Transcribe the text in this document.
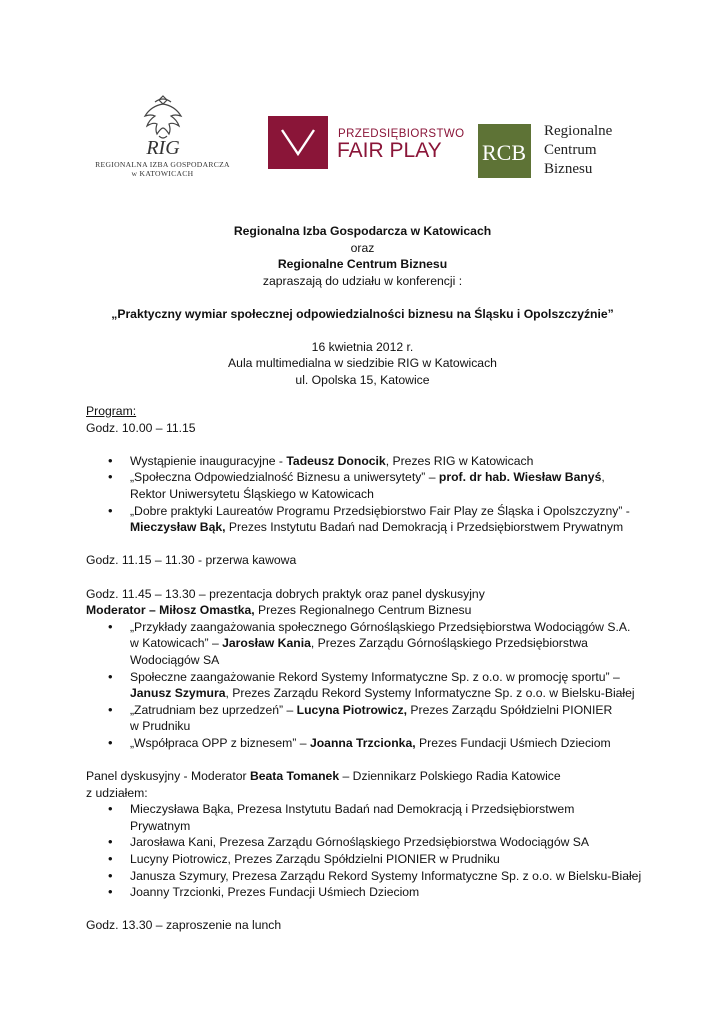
RIG
REGIONALNA IZBA GOSPODARCZA
w KATOWICACH
PRZEDSIĘBIORSTWO
FAIR PLAY RCB
Regionalne
Centrum
Biznesu
Regionalna Izba Gospodarcza w Katowicach
oraz
Regionalne Centrum Biznesu
zapraszają do udziału w konferencji :
„Praktyczny wymiar społecznej odpowiedzialności biznesu na Śląsku i Opolszczyźnie”
16 kwietnia 2012 r.
Aula multimedialna w siedzibie RIG w Katowicach
ul. Opolska 15, Katowice
Program:
Godz. 10.00 – 11.15
• Wystąpienie inauguracyjne - Tadeusz Donocik, Prezes RIG w Katowicach
• „Społeczna Odpowiedzialność Biznesu a uniwersytety” – prof. dr hab. Wiesław Banyś,
Rektor Uniwersytetu Śląskiego w Katowicach
• „Dobre praktyki Laureatów Programu Przedsiębiorstwo Fair Play ze Śląska i Opolszczyzny” -
Mieczysław Bąk, Prezes Instytutu Badań nad Demokracją i Przedsiębiorstwem Prywatnym
Godz. 11.15 – 11.30 - przerwa kawowa
Godz. 11.45 – 13.30 – prezentacja dobrych praktyk oraz panel dyskusyjny
Moderator – Miłosz Omastka, Prezes Regionalnego Centrum Biznesu
• „Przykłady zaangażowania społecznego Górnośląskiego Przedsiębiorstwa Wodociągów S.A.
w Katowicach” – Jarosław Kania, Prezes Zarządu Górnośląskiego Przedsiębiorstwa
Wodociągów SA
• Społeczne zaangażowanie Rekord Systemy Informatyczne Sp. z o.o. w promocję sportu” –
Janusz Szymura, Prezes Zarządu Rekord Systemy Informatyczne Sp. z o.o. w Bielsku-Białej
• „Zatrudniam bez uprzedzeń” – Lucyna Piotrowicz, Prezes Zarządu Spółdzielni PIONIER
w Prudniku
• „Współpraca OPP z biznesem” – Joanna Trzcionka, Prezes Fundacji Uśmiech Dzieciom
Panel dyskusyjny - Moderator Beata Tomanek – Dziennikarz Polskiego Radia Katowice
z udziałem:
• Mieczysława Bąka, Prezesa Instytutu Badań nad Demokracją i Przedsiębiorstwem
Prywatnym
• Jarosława Kani, Prezesa Zarządu Górnośląskiego Przedsiębiorstwa Wodociągów SA
• Lucyny Piotrowicz, Prezes Zarządu Spółdzielni PIONIER w Prudniku
• Janusza Szymury, Prezesa Zarządu Rekord Systemy Informatyczne Sp. z o.o. w Bielsku-Białej
• Joanny Trzcionki, Prezes Fundacji Uśmiech Dzieciom
Godz. 13.30 – zaproszenie na lunch
